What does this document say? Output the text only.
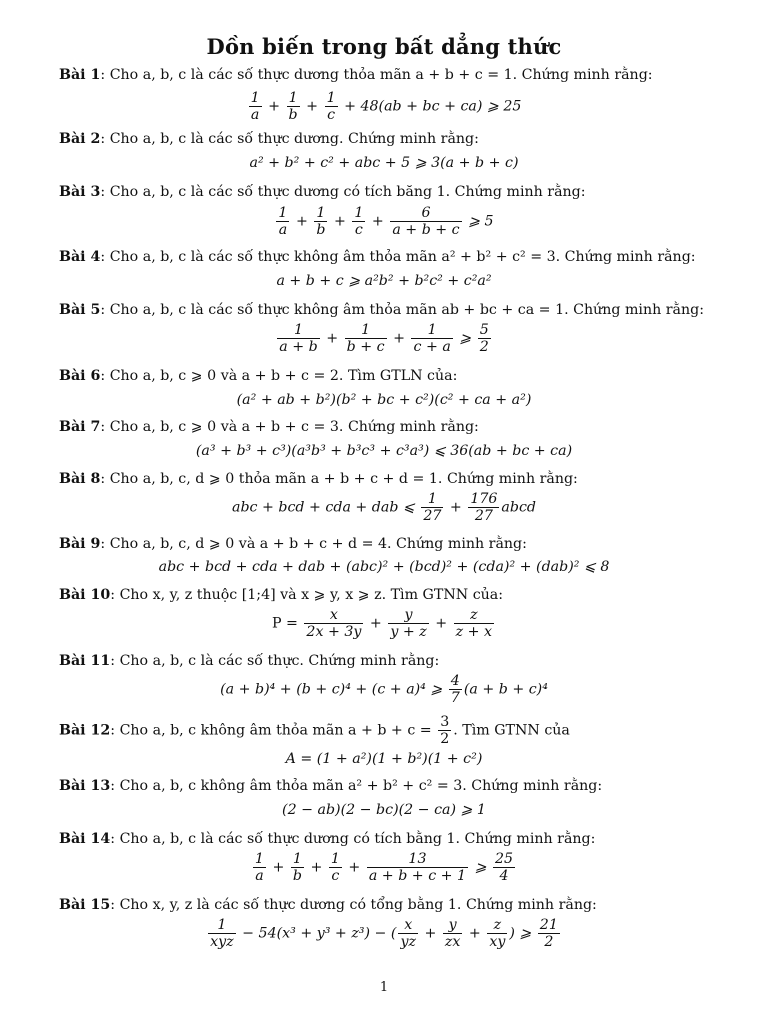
Dồn biến trong bất dẳng thức
Bài 1: Cho a, b, c là các số thực dương thỏa mãn a + b + c = 1. Chứng minh rằng:
$\frac{1}{a} + \frac{1}{b} + \frac{1}{c} + 48(ab$ + bc + ca) ⩾ 25
Bài 2: Cho a, b, c là các số thực dương. Chứng minh rằng:
a² + b² + c² + abc + 5 ⩾ 3(a + b + c)
Bài 3: Cho a, b, c là các số thực dương có tích băng 1. Chứng minh rằng:
$\frac{1}{a} + \frac{1}{b} + \frac{1}{c} + \frac{6}{a + b + c}$ ⩾ 5
Bài 4: Cho a, b, c là các số thực không âm thỏa mãn a² + b² + c² = 3. Chứng minh rằng:
a + b + c ⩾ a²b² + b²c² + c²a²
Bài 5: Cho a, b, c là các số thực không âm thỏa mãn ab + bc + ca = 1. Chứng minh rằng:
$\frac{1}{a + b} + \frac{1}{b + c} + \frac{1}{c + a}$ ⩾ $\frac{5}{2}$
Bài 6: Cho a, b, c ⩾ 0 và a + b + c = 2. Tìm GTLN của:
(a² + ab + b²)(b² + bc + c²)(c² + ca + a²)
Bài 7: Cho a, b, c ⩾ 0 và a + b + c = 3. Chứng minh rằng:
(a³ + b³ + c³)(a³b³ + b³c³ + c³a³) ⩽ 36(ab + bc + ca)
Bài 8: Cho a, b, c, d ⩾ 0 thỏa mãn a + b + c + d = 1. Chứng minh rằng:
abc + bcd + cda + dab ⩽ $\frac{1}{27} + \frac{176}{27}$ abcd
Bài 9: Cho a, b, c, d ⩾ 0 và a + b + c + d = 4. Chứng minh rằng:
abc + bcd + cda + dab + (abc)² + (bcd)² + (cda)² + (dab)² ⩽ 8
Bài 10: Cho x, y, z thuộc [1;4] và x ⩾ y, x ⩾ z. Tìm GTNN của:
$P = \frac{x}{2x + 3y} + \frac{y}{y + z} + \frac{z}{z + x}$
Bài 11: Cho a, b, c là các số thực. Chứng minh rằng:
(a + b)⁴ + (b + c)⁴ + (c + a)⁴ ⩾ $\frac{4}{7} (a + b + c)^4$
Bài 12: Cho a, b, c không âm thỏa mãn $a + b + c = \frac{3}{2}$ . Tìm GTNN của
A = (1 + a²)(1 + b²)(1 + c²)
Bài 13: Cho a, b, c không âm thỏa mãn a² + b² + c² = 3. Chứng minh rằng:
(2 − ab)(2 − bc)(2 − ca) ⩾ 1
Bài 14: Cho a, b, c là các số thực dương có tích bằng 1. Chứng minh rằng:
$\frac{1}{a} + \frac{1}{b} + \frac{1}{c} + \frac{13}{a + b + c + 1}$ ⩾ $\frac{25}{4}$
Bài 15: Cho x, y, z là các số thực dương có tổng bằng 1. Chứng minh rằng:
$\frac{1}{\text{xyz}} - 54(x^3 + y^3 + z^3)$ − ( $\frac{x}{yz} + \frac{y}{zx} + \frac{z}{xy}$ ) ⩾ $\frac{21}{2}$
1
